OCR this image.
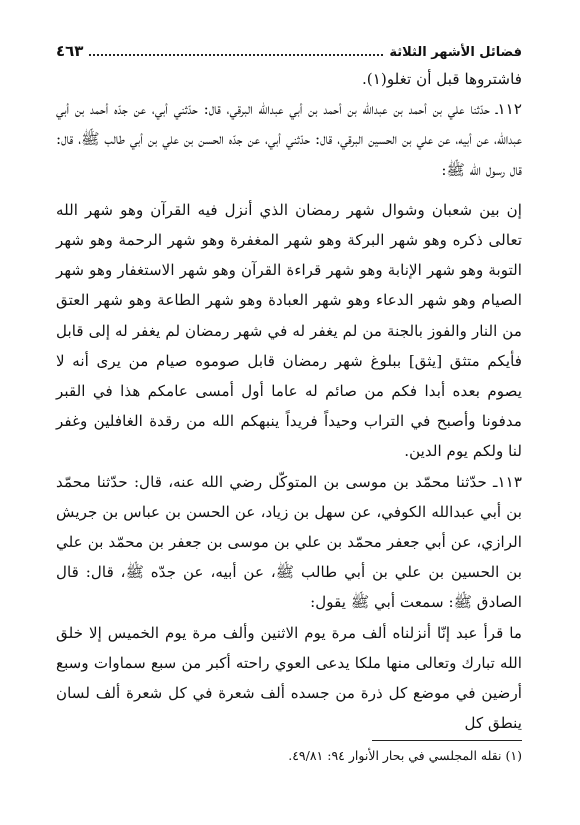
فضائل الأشهر الثلاثة
٤٦٣

فاشتروها قبل أن تغلو(١).

١١٢ـ حدّثنا علي بن أحمد بن عبدالله بن أحمد بن أبي عبدالله البرقي، قال: حدّثني أبي، عن جدّه أحمد بن أبي عبدالله، عن أبيه، عن علي بن الحسين البرقي، قال: حدّثني أبي، عن جدّه الحسن بن علي بن أبي طالب ﷺ، قال: قال رسول الله ﷺ:

إن بين شعبان وشوال شهر رمضان الذي أنزل فيه القرآن وهو شهر الله تعالى ذكره وهو شهر البركة وهو شهر المغفرة وهو شهر الرحمة وهو شهر التوبة وهو شهر الإنابة وهو شهر قراءة القرآن وهو شهر الاستغفار وهو شهر الصيام وهو شهر الدعاء وهو شهر العبادة وهو شهر الطاعة وهو شهر العتق من النار والفوز بالجنة من لم يغفر له في شهر رمضان لم يغفر له إلى قابل فأيكم متثق [يثق] ببلوغ شهر رمضان قابل صوموه صيام من يرى أنه لا يصوم بعده أبدا فكم من صائم له عاما أول أمسى عامكم هذا في القبر مدفونا وأصبح في التراب وحيداً فريداً ينبهكم الله من رقدة الغافلين وغفر لنا ولكم يوم الدين.

١١٣ـ حدّثنا محمّد بن موسى بن المتوكّل رضي الله عنه، قال: حدّثنا محمّد بن أبي عبدالله الكوفي، عن سهل بن زياد، عن الحسن بن عباس بن جريش الرازي، عن أبي جعفر محمّد بن علي بن موسى بن جعفر بن محمّد بن علي بن الحسين بن علي بن أبي طالب ﷺ، عن أبيه، عن جدّه ﷺ، قال: قال الصادق ﷺ: سمعت أبي ﷺ يقول:

ما قرأ عبد إنّا أنزلناه ألف مرة يوم الاثنين وألف مرة يوم الخميس إلا خلق الله تبارك وتعالى منها ملكا يدعى العوي راحته أكبر من سبع سماوات وسبع أرضين في موضع كل ذرة من جسده ألف شعرة في كل شعرة ألف لسان ينطق كل

(١) نقله المجلسي في بحار الأنوار ٩٤: ٤٩/٨١.
